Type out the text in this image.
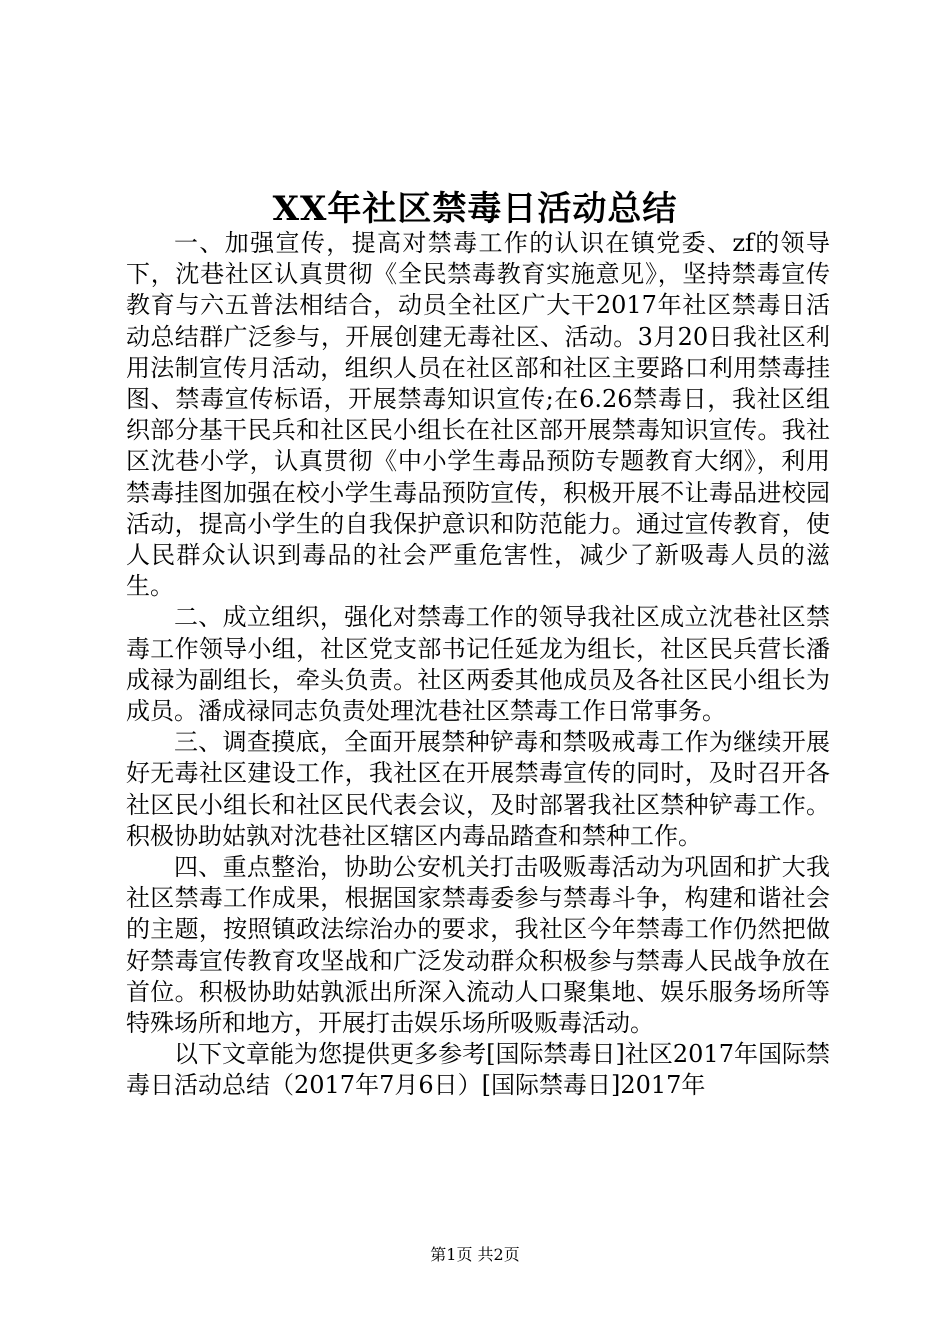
XX年社区禁毒日活动总结

一、加强宣传，提高对禁毒工作的认识在镇党委、zf的领导下，沈巷社区认真贯彻《全民禁毒教育实施意见》，坚持禁毒宣传教育与六五普法相结合，动员全社区广大干2017年社区禁毒日活动总结群广泛参与，开展创建无毒社区、活动。3月20日我社区利用法制宣传月活动，组织人员在社区部和社区主要路口利用禁毒挂图、禁毒宣传标语，开展禁毒知识宣传;在6.26禁毒日，我社区组织部分基干民兵和社区民小组长在社区部开展禁毒知识宣传。我社区沈巷小学，认真贯彻《中小学生毒品预防专题教育大纲》，利用禁毒挂图加强在校小学生毒品预防宣传，积极开展不让毒品进校园活动，提高小学生的自我保护意识和防范能力。通过宣传教育，使人民群众认识到毒品的社会严重危害性，减少了新吸毒人员的滋生。

二、成立组织，强化对禁毒工作的领导我社区成立沈巷社区禁毒工作领导小组，社区党支部书记任延龙为组长，社区民兵营长潘成禄为副组长，牵头负责。社区两委其他成员及各社区民小组长为成员。潘成禄同志负责处理沈巷社区禁毒工作日常事务。

三、调查摸底，全面开展禁种铲毒和禁吸戒毒工作为继续开展好无毒社区建设工作，我社区在开展禁毒宣传的同时，及时召开各社区民小组长和社区民代表会议，及时部署我社区禁种铲毒工作。积极协助姑孰对沈巷社区辖区内毒品踏查和禁种工作。

四、重点整治，协助公安机关打击吸贩毒活动为巩固和扩大我社区禁毒工作成果，根据国家禁毒委参与禁毒斗争，构建和谐社会的主题，按照镇政法综治办的要求，我社区今年禁毒工作仍然把做好禁毒宣传教育攻坚战和广泛发动群众积极参与禁毒人民战争放在首位。积极协助姑孰派出所深入流动人口聚集地、娱乐服务场所等特殊场所和地方，开展打击娱乐场所吸贩毒活动。

以下文章能为您提供更多参考[国际禁毒日]社区2017年国际禁毒日活动总结（2017年7月6日）[国际禁毒日]2017年

第1页 共2页
